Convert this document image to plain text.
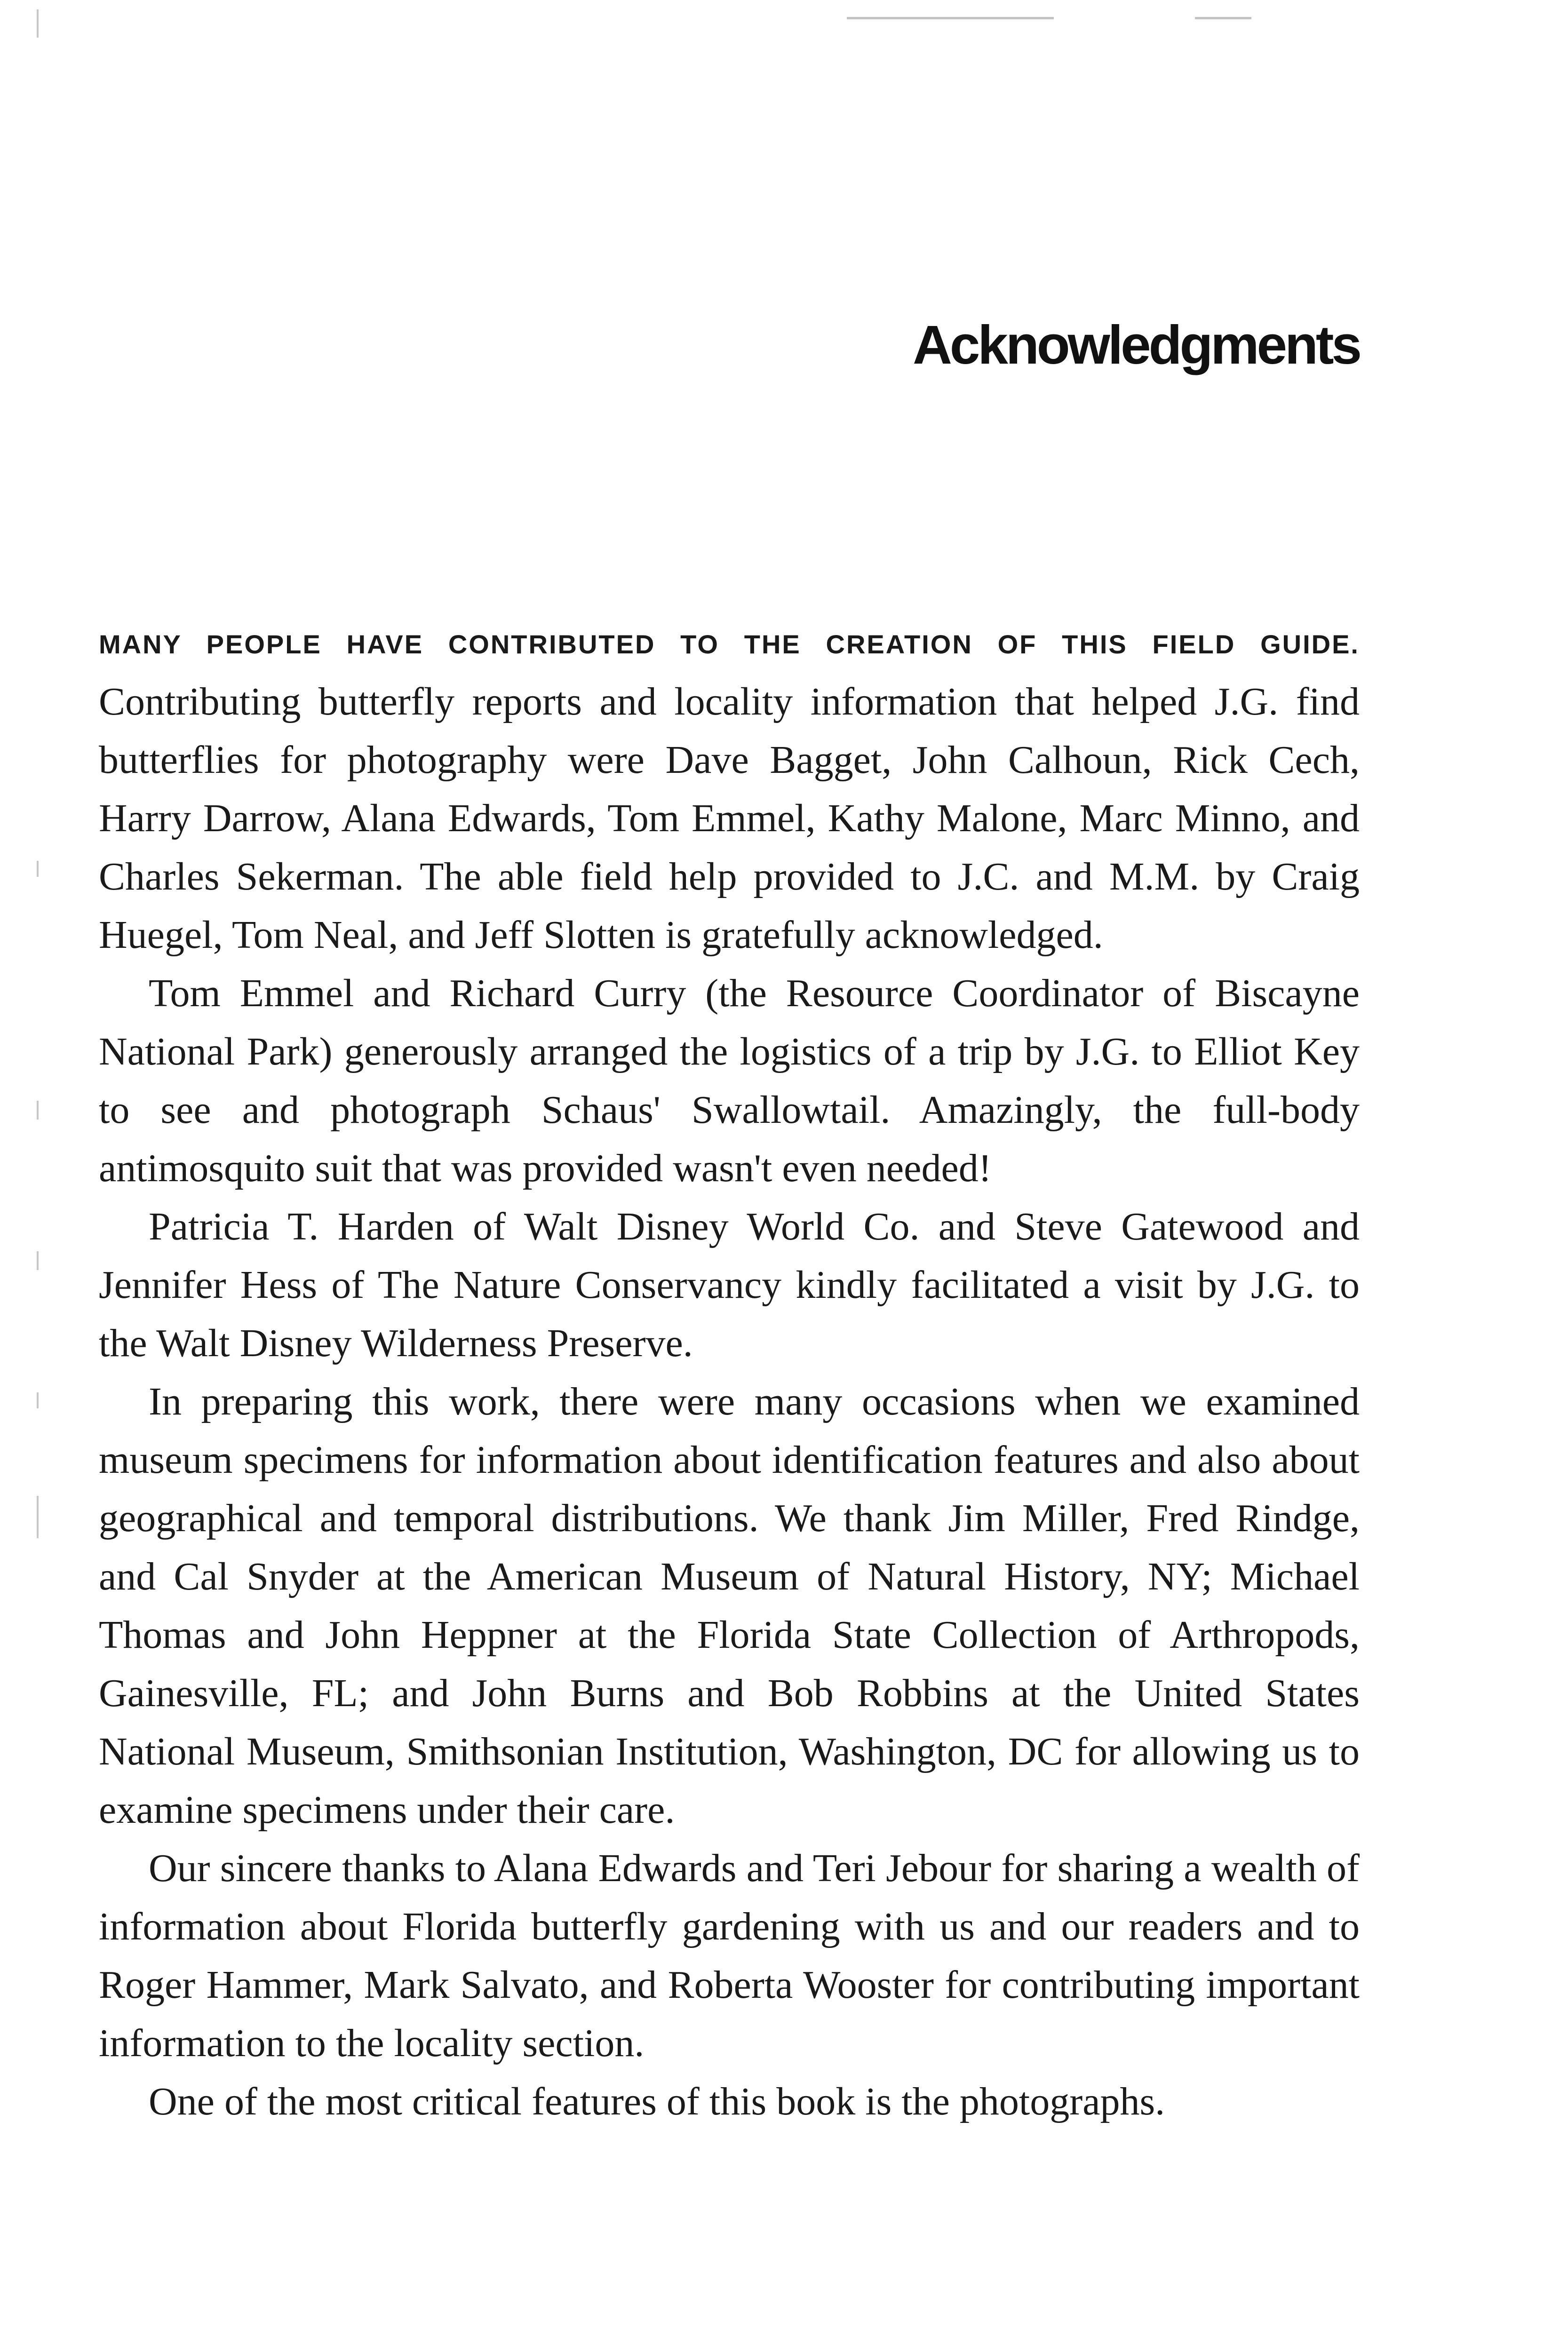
Acknowledgments

MANY PEOPLE HAVE CONTRIBUTED TO THE CREATION OF THIS FIELD GUIDE.
Contributing butterfly reports and locality information that helped J.G. find butterflies for photography were Dave Bagget, John Calhoun, Rick Cech, Harry Darrow, Alana Edwards, Tom Emmel, Kathy Malone, Marc Minno, and Charles Sekerman. The able field help provided to J.C. and M.M. by Craig Huegel, Tom Neal, and Jeff Slotten is gratefully acknowledged.

Tom Emmel and Richard Curry (the Resource Coordinator of Biscayne National Park) generously arranged the logistics of a trip by J.G. to Elliot Key to see and photograph Schaus' Swallowtail. Amazingly, the full-body antimosquito suit that was provided wasn't even needed!

Patricia T. Harden of Walt Disney World Co. and Steve Gatewood and Jennifer Hess of The Nature Conservancy kindly facilitated a visit by J.G. to the Walt Disney Wilderness Preserve.

In preparing this work, there were many occasions when we examined museum specimens for information about identification features and also about geographical and temporal distributions. We thank Jim Miller, Fred Rindge, and Cal Snyder at the American Museum of Natural History, NY; Michael Thomas and John Heppner at the Florida State Collection of Arthropods, Gainesville, FL; and John Burns and Bob Robbins at the United States National Museum, Smithsonian Institution, Washington, DC for allowing us to examine specimens under their care.

Our sincere thanks to Alana Edwards and Teri Jebour for sharing a wealth of information about Florida butterfly gardening with us and our readers and to Roger Hammer, Mark Salvato, and Roberta Wooster for contributing important information to the locality section.

One of the most critical features of this book is the photographs.
